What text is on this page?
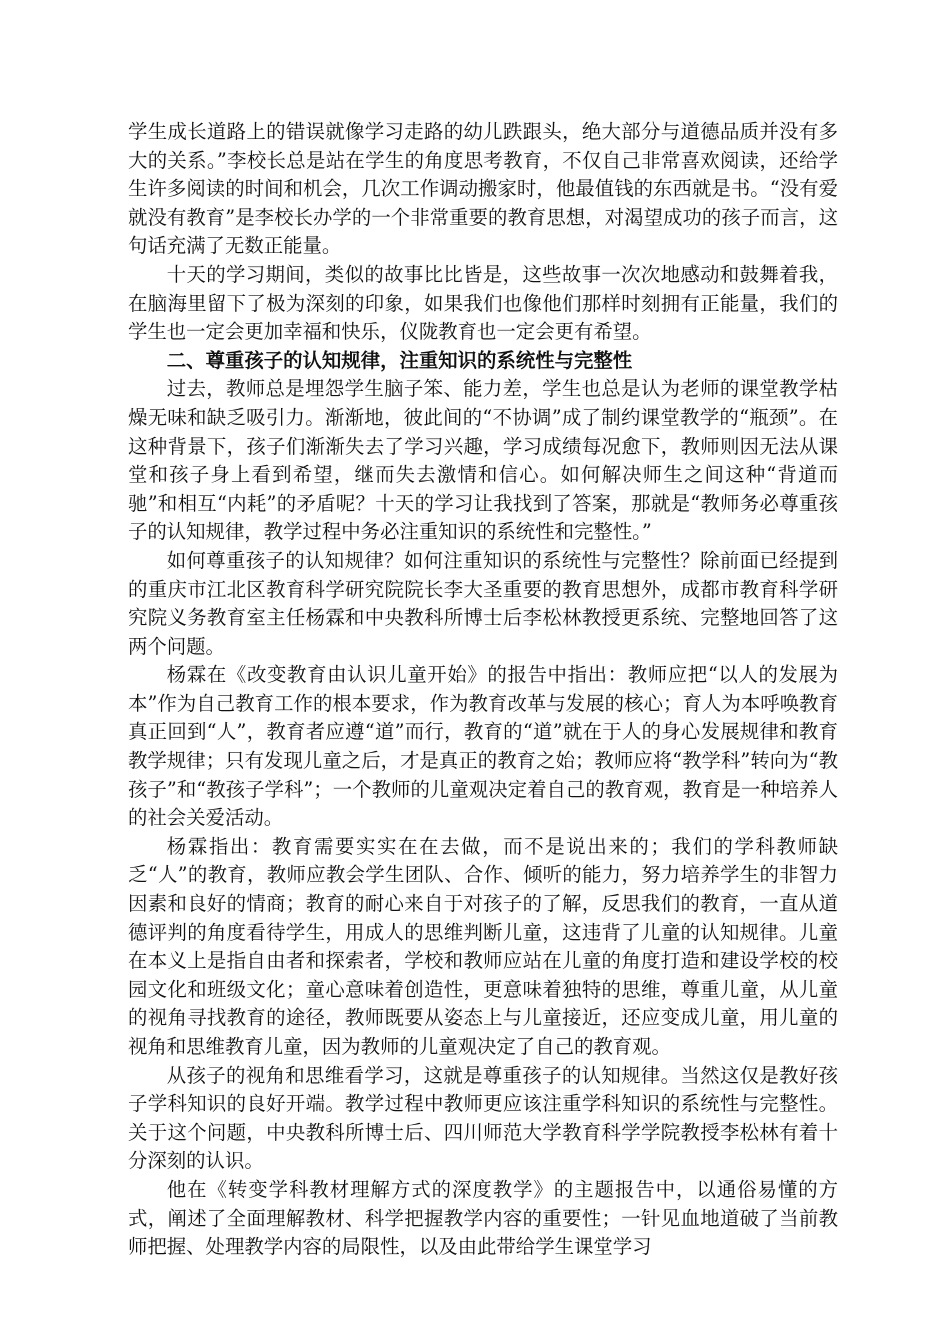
学生成长道路上的错误就像学习走路的幼儿跌跟头，绝大部分与道德品质并没有多大的关系。”李校长总是站在学生的角度思考教育，不仅自己非常喜欢阅读，还给学生许多阅读的时间和机会，几次工作调动搬家时，他最值钱的东西就是书。“没有爱就没有教育”是李校长办学的一个非常重要的教育思想，对渴望成功的孩子而言，这句话充满了无数正能量。

十天的学习期间，类似的故事比比皆是，这些故事一次次地感动和鼓舞着我，在脑海里留下了极为深刻的印象，如果我们也像他们那样时刻拥有正能量，我们的学生也一定会更加幸福和快乐，仪陇教育也一定会更有希望。

二、尊重孩子的认知规律，注重知识的系统性与完整性

过去，教师总是埋怨学生脑子笨、能力差，学生也总是认为老师的课堂教学枯燥无味和缺乏吸引力。渐渐地，彼此间的“不协调”成了制约课堂教学的“瓶颈”。在这种背景下，孩子们渐渐失去了学习兴趣，学习成绩每况愈下，教师则因无法从课堂和孩子身上看到希望，继而失去激情和信心。如何解决师生之间这种“背道而驰”和相互“内耗”的矛盾呢？十天的学习让我找到了答案，那就是“教师务必尊重孩子的认知规律，教学过程中务必注重知识的系统性和完整性。”

如何尊重孩子的认知规律？如何注重知识的系统性与完整性？除前面已经提到的重庆市江北区教育科学研究院院长李大圣重要的教育思想外，成都市教育科学研究院义务教育室主任杨霖和中央教科所博士后李松林教授更系统、完整地回答了这两个问题。

杨霖在《改变教育由认识儿童开始》的报告中指出：教师应把“以人的发展为本”作为自己教育工作的根本要求，作为教育改革与发展的核心；育人为本呼唤教育真正回到“人”，教育者应遵“道”而行，教育的“道”就在于人的身心发展规律和教育教学规律；只有发现儿童之后，才是真正的教育之始；教师应将“教学科”转向为“教孩子”和“教孩子学科”；一个教师的儿童观决定着自己的教育观，教育是一种培养人的社会关爱活动。

杨霖指出：教育需要实实在在去做，而不是说出来的；我们的学科教师缺乏“人”的教育，教师应教会学生团队、合作、倾听的能力，努力培养学生的非智力因素和良好的情商；教育的耐心来自于对孩子的了解，反思我们的教育，一直从道德评判的角度看待学生，用成人的思维判断儿童，这违背了儿童的认知规律。儿童在本义上是指自由者和探索者，学校和教师应站在儿童的角度打造和建设学校的校园文化和班级文化；童心意味着创造性，更意味着独特的思维，尊重儿童，从儿童的视角寻找教育的途径，教师既要从姿态上与儿童接近，还应变成儿童，用儿童的视角和思维教育儿童，因为教师的儿童观决定了自己的教育观。

从孩子的视角和思维看学习，这就是尊重孩子的认知规律。当然这仅是教好孩子学科知识的良好开端。教学过程中教师更应该注重学科知识的系统性与完整性。关于这个问题，中央教科所博士后、四川师范大学教育科学学院教授李松林有着十分深刻的认识。

他在《转变学科教材理解方式的深度教学》的主题报告中，以通俗易懂的方式，阐述了全面理解教材、科学把握教学内容的重要性；一针见血地道破了当前教师把握、处理教学内容的局限性，以及由此带给学生课堂学习
